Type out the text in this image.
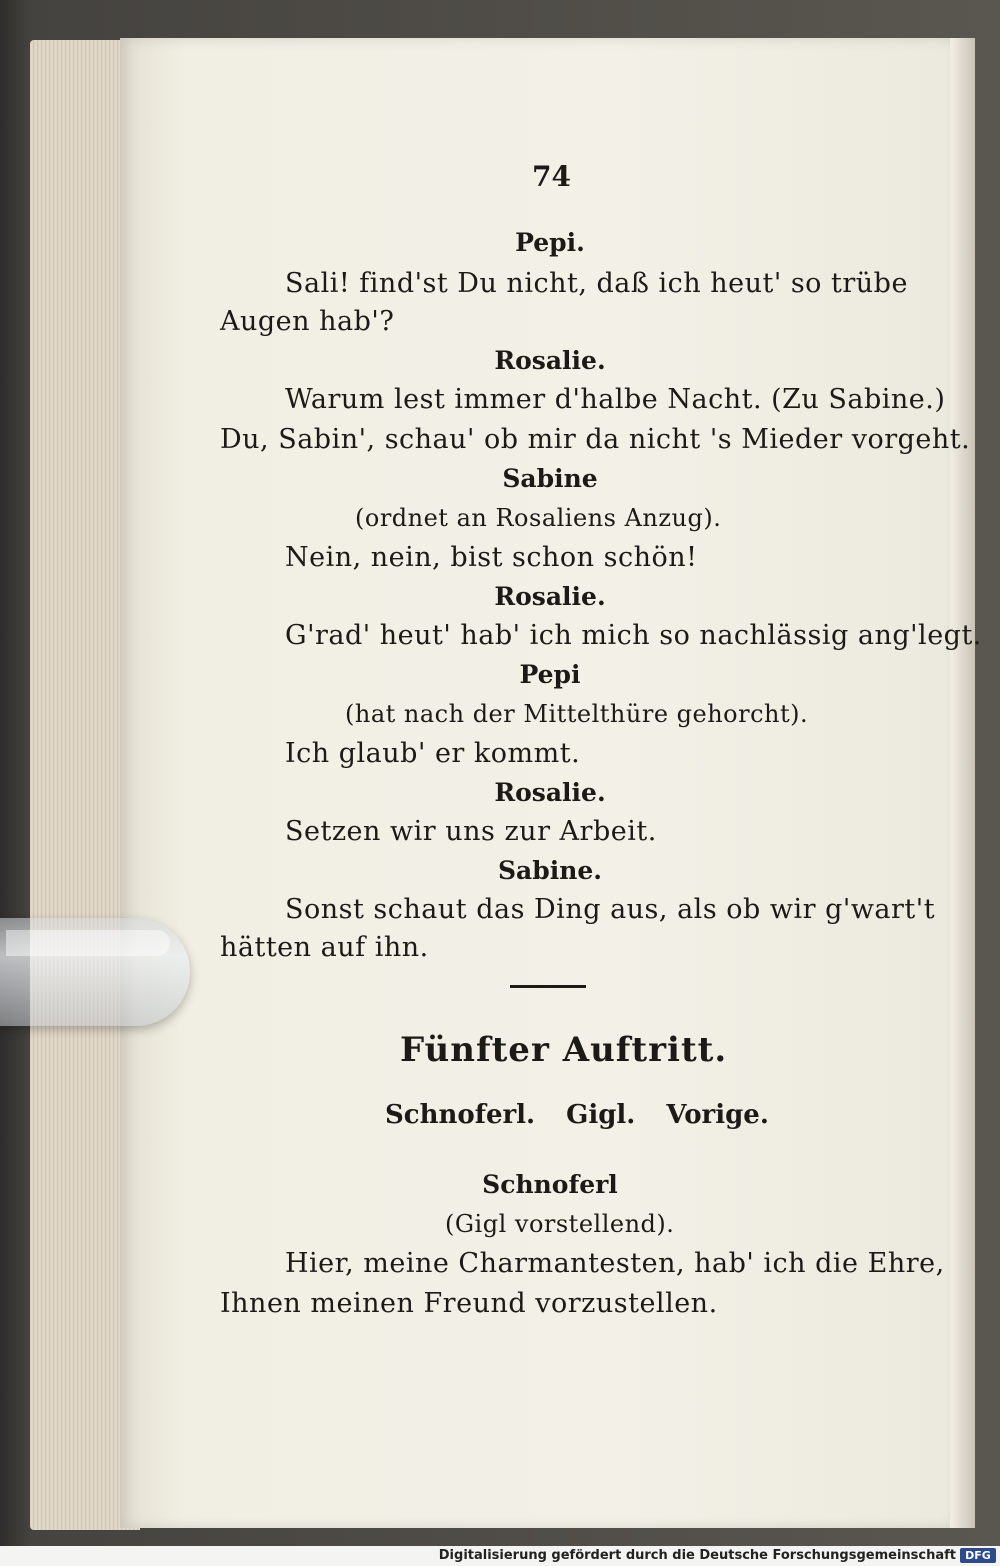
74
Pepi.
Sali! find'st Du nicht, daß ich heut' so trübe
Augen hab'?
Rosalie.
Warum lest immer d'halbe Nacht. (Zu Sabine.)
Du, Sabin', schau' ob mir da nicht 's Mieder vorgeht.
Sabine
(ordnet an Rosaliens Anzug).
Nein, nein, bist schon schön!
Rosalie.
G'rad' heut' hab' ich mich so nachlässig ang'legt.
Pepi
(hat nach der Mittelthüre gehorcht).
Ich glaub' er kommt.
Rosalie.
Setzen wir uns zur Arbeit.
Sabine.
Sonst schaut das Ding aus, als ob wir g'wart't
hätten auf ihn.
Fünfter Auftritt.
Schnoferl. Gigl. Vorige.
Schnoferl
(Gigl vorstellend).
Hier, meine Charmantesten, hab' ich die Ehre,
Ihnen meinen Freund vorzustellen.
Digitalisierung gefördert durch die Deutsche Forschungsgemeinschaft DFG
